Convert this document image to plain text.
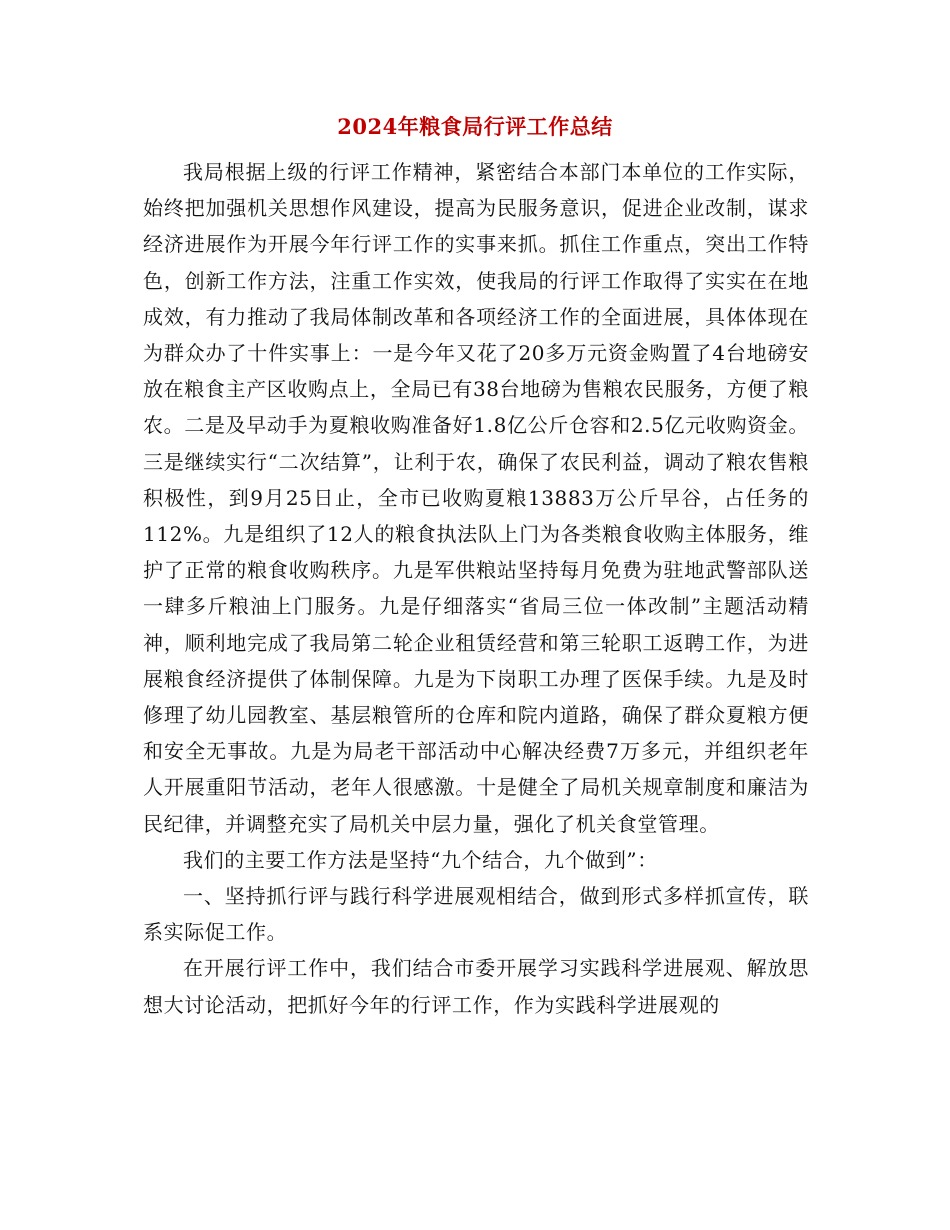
2024年粮食局行评工作总结

我局根据上级的行评工作精神，紧密结合本部门本单位的工作实际，始终把加强机关思想作风建设，提高为民服务意识，促进企业改制，谋求经济进展作为开展今年行评工作的实事来抓。抓住工作重点，突出工作特色，创新工作方法，注重工作实效，使我局的行评工作取得了实实在在地成效，有力推动了我局体制改革和各项经济工作的全面进展，具体体现在为群众办了十件实事上：一是今年又花了20多万元资金购置了4台地磅安放在粮食主产区收购点上，全局已有38台地磅为售粮农民服务，方便了粮农。二是及早动手为夏粮收购准备好1.8亿公斤仓容和2.5亿元收购资金。三是继续实行“二次结算”，让利于农，确保了农民利益，调动了粮农售粮积极性，到9月25日止，全市已收购夏粮13883万公斤早谷，占任务的112%。九是组织了12人的粮食执法队上门为各类粮食收购主体服务，维护了正常的粮食收购秩序。九是军供粮站坚持每月免费为驻地武警部队送一肆多斤粮油上门服务。九是仔细落实“省局三位一体改制”主题活动精神，顺利地完成了我局第二轮企业租赁经营和第三轮职工返聘工作，为进展粮食经济提供了体制保障。九是为下岗职工办理了医保手续。九是及时修理了幼儿园教室、基层粮管所的仓库和院内道路，确保了群众夏粮方便和安全无事故。九是为局老干部活动中心解决经费7万多元，并组织老年人开展重阳节活动，老年人很感激。十是健全了局机关规章制度和廉洁为民纪律，并调整充实了局机关中层力量，强化了机关食堂管理。

我们的主要工作方法是坚持“九个结合，九个做到”：

一、坚持抓行评与践行科学进展观相结合，做到形式多样抓宣传，联系实际促工作。

在开展行评工作中，我们结合市委开展学习实践科学进展观、解放思想大讨论活动，把抓好今年的行评工作，作为实践科学进展观的
